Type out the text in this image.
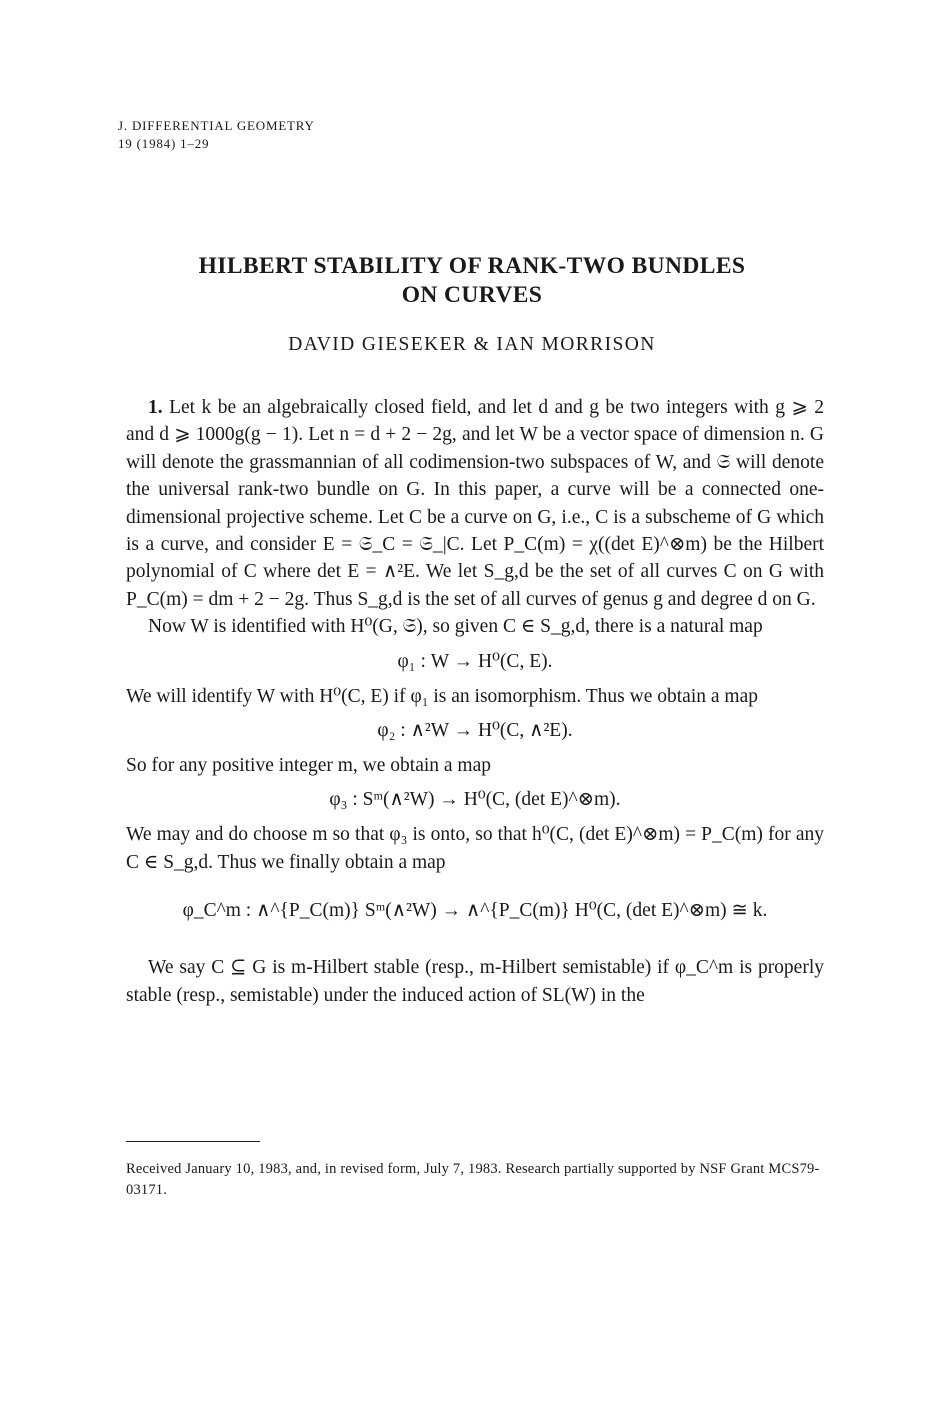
J. DIFFERENTIAL GEOMETRY
19 (1984) 1–29
HILBERT STABILITY OF RANK-TWO BUNDLES
ON CURVES
DAVID GIESEKER & IAN MORRISON

1. Let k be an algebraically closed field, and let d and g be two integers with g ⩾ 2 and d ⩾ 1000g(g − 1). Let n = d + 2 − 2g, and let W be a vector space of dimension n. G will denote the grassmannian of all codimension-two subspaces of W, and 𝔖 will denote the universal rank-two bundle on G. In this paper, a curve will be a connected one-dimensional projective scheme. Let C be a curve on G, i.e., C is a subscheme of G which is a curve, and consider E = 𝔖_C = 𝔖_|C. Let P_C(m) = χ((det E)^⊗m) be the Hilbert polynomial of C where det E = ∧²E. We let S_g,d be the set of all curves C on G with P_C(m) = dm + 2 − 2g. Thus S_g,d is the set of all curves of genus g and degree d on G.

Now W is identified with H⁰(G, 𝔖), so given C ∈ S_g,d, there is a natural map

φ₁ : W → H⁰(C, E).

We will identify W with H⁰(C, E) if φ₁ is an isomorphism. Thus we obtain a map

φ₂ : ∧²W → H⁰(C, ∧²E).

So for any positive integer m, we obtain a map

φ₃ : Sᵐ(∧²W) → H⁰(C, (det E)^⊗m).

We may and do choose m so that φ₃ is onto, so that h⁰(C, (det E)^⊗m) = P_C(m) for any C ∈ S_g,d. Thus we finally obtain a map

φ_C^m : ∧^{P_C(m)} Sᵐ(∧²W) → ∧^{P_C(m)} H⁰(C, (det E)^⊗m) ≅ k.

We say C ⊆ G is m-Hilbert stable (resp., m-Hilbert semistable) if φ_C^m is properly stable (resp., semistable) under the induced action of SL(W) in the

Received January 10, 1983, and, in revised form, July 7, 1983. Research partially supported by NSF Grant MCS79-03171.
